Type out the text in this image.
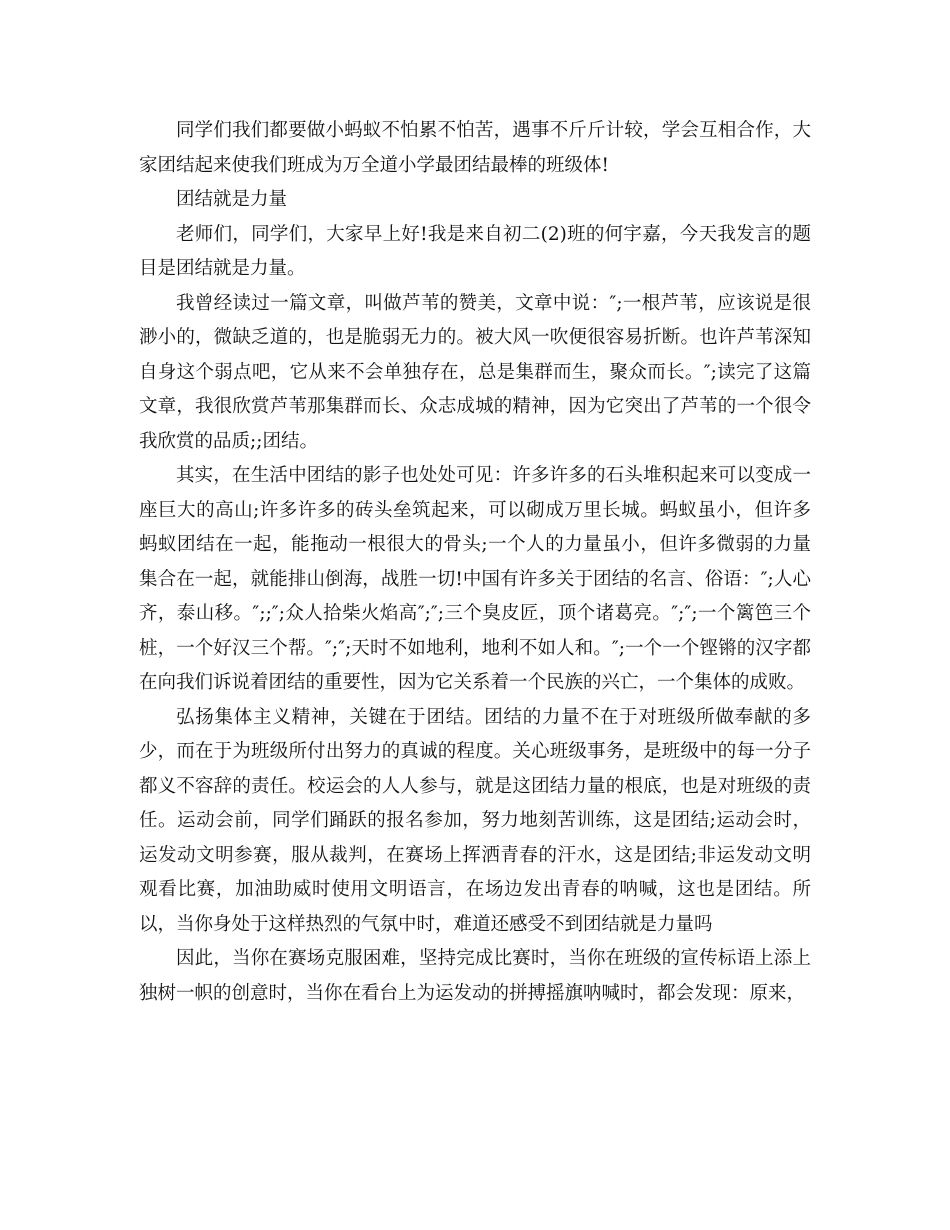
同学们我们都要做小蚂蚁不怕累不怕苦，遇事不斤斤计较，学会互相合作，大家团结起来使我们班成为万全道小学最团结最棒的班级体!

团结就是力量

老师们，同学们，大家早上好!我是来自初二(2)班的何宇嘉，今天我发言的题目是团结就是力量。

我曾经读过一篇文章，叫做芦苇的赞美，文章中说：″;一根芦苇，应该说是很渺小的，微缺乏道的，也是脆弱无力的。被大风一吹便很容易折断。也许芦苇深知自身这个弱点吧，它从来不会单独存在，总是集群而生，聚众而长。″;读完了这篇文章，我很欣赏芦苇那集群而长、众志成城的精神，因为它突出了芦苇的一个很令我欣赏的品质;;团结。

其实，在生活中团结的影子也处处可见：许多许多的石头堆积起来可以变成一座巨大的高山;许多许多的砖头垒筑起来，可以砌成万里长城。蚂蚁虽小，但许多蚂蚁团结在一起，能拖动一根很大的骨头;一个人的力量虽小，但许多微弱的力量集合在一起，就能排山倒海，战胜一切!中国有许多关于团结的名言、俗语：″;人心齐，泰山移。″;;″;众人拾柴火焰高″;″;三个臭皮匠，顶个诸葛亮。″;″;一个篱笆三个桩，一个好汉三个帮。″;″;天时不如地利，地利不如人和。″;一个一个铿锵的汉字都在向我们诉说着团结的重要性，因为它关系着一个民族的兴亡，一个集体的成败。

弘扬集体主义精神，关键在于团结。团结的力量不在于对班级所做奉献的多少，而在于为班级所付出努力的真诚的程度。关心班级事务，是班级中的每一分子都义不容辞的责任。校运会的人人参与，就是这团结力量的根底，也是对班级的责任。运动会前，同学们踊跃的报名参加，努力地刻苦训练，这是团结;运动会时，运发动文明参赛，服从裁判，在赛场上挥洒青春的汗水，这是团结;非运发动文明观看比赛，加油助威时使用文明语言，在场边发出青春的呐喊，这也是团结。所以，当你身处于这样热烈的气氛中时，难道还感受不到团结就是力量吗

因此，当你在赛场克服困难，坚持完成比赛时，当你在班级的宣传标语上添上独树一帜的创意时，当你在看台上为运发动的拼搏摇旗呐喊时，都会发现：原来，
